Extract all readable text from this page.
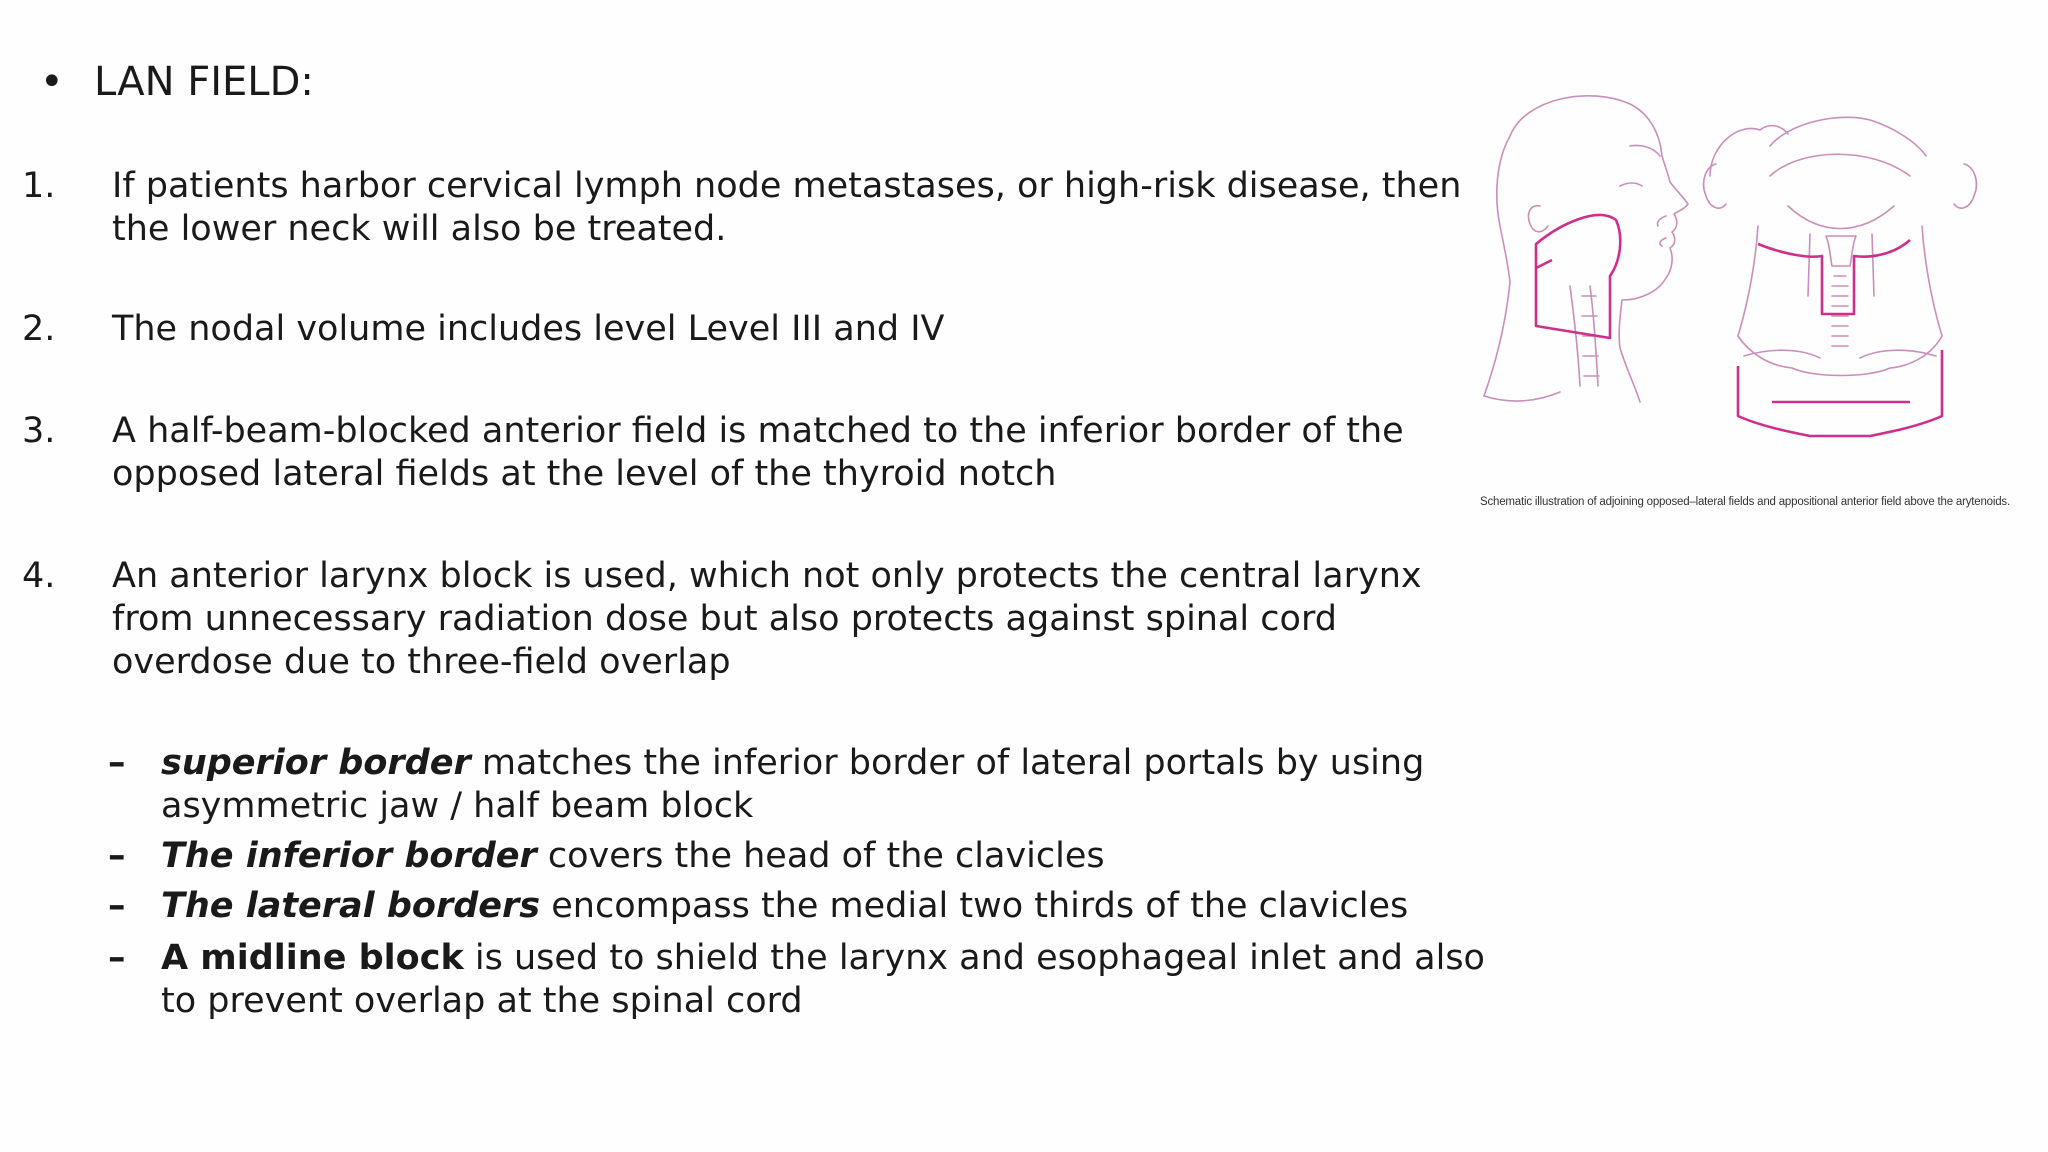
• LAN FIELD:
1. If patients harbor cervical lymph node metastases, or high-risk disease, then the lower neck will also be treated.
2. The nodal volume includes level Level III and IV
3. A half-beam-blocked anterior field is matched to the inferior border of the opposed lateral fields at the level of the thyroid notch
4. An anterior larynx block is used, which not only protects the central larynx from unnecessary radiation dose but also protects against spinal cord overdose due to three-field overlap
– superior border matches the inferior border of lateral portals by using asymmetric jaw / half beam block
– The inferior border covers the head of the clavicles
– The lateral borders encompass the medial two thirds of the clavicles
– A midline block is used to shield the larynx and esophageal inlet and also to prevent overlap at the spinal cord
Schematic illustration of adjoining opposed–lateral fields and appositional anterior field above the arytenoids.
